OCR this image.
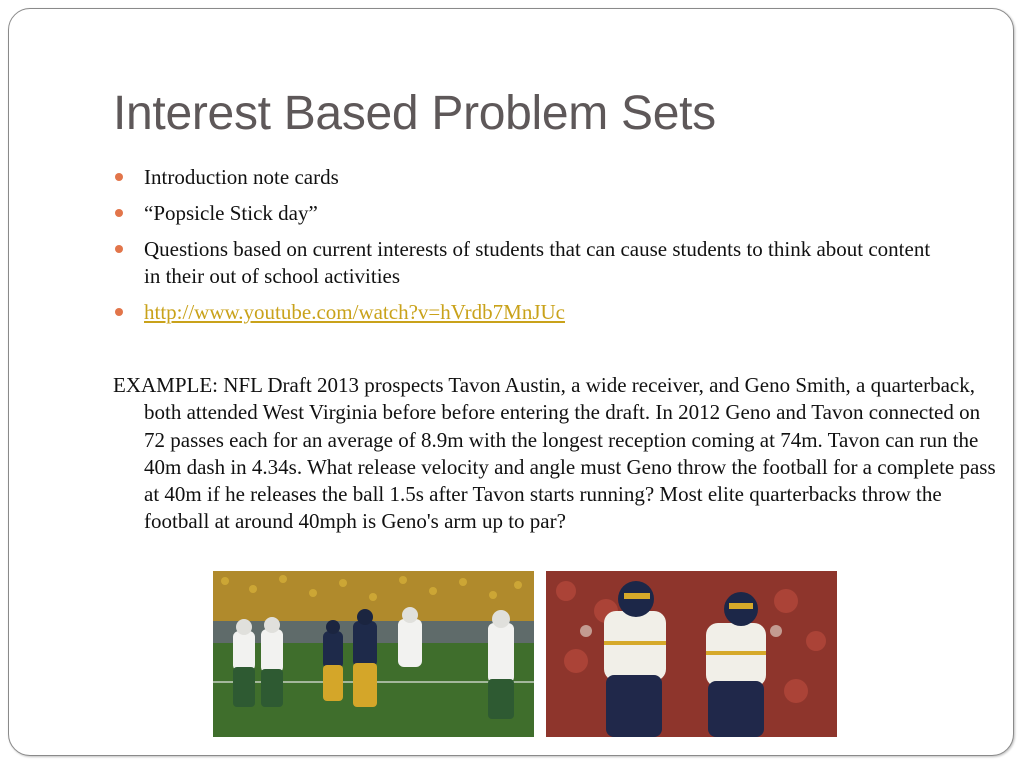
Interest Based Problem Sets
Introduction note cards
“Popsicle Stick day”
Questions based on current interests of students that can cause students to think about content in their out of school activities
http://www.youtube.com/watch?v=hVrdb7MnJUc

EXAMPLE: NFL Draft 2013 prospects Tavon Austin, a wide receiver, and Geno Smith, a quarterback, both attended West Virginia before before entering the draft. In 2012 Geno and Tavon connected on 72 passes each for an average of 8.9m with the longest reception coming at 74m. Tavon can run the 40m dash in 4.34s. What release velocity and angle must Geno throw the football for a complete pass at 40m if he releases the ball 1.5s after Tavon starts running? Most elite quarterbacks throw the football at around 40mph is Geno's arm up to par?
